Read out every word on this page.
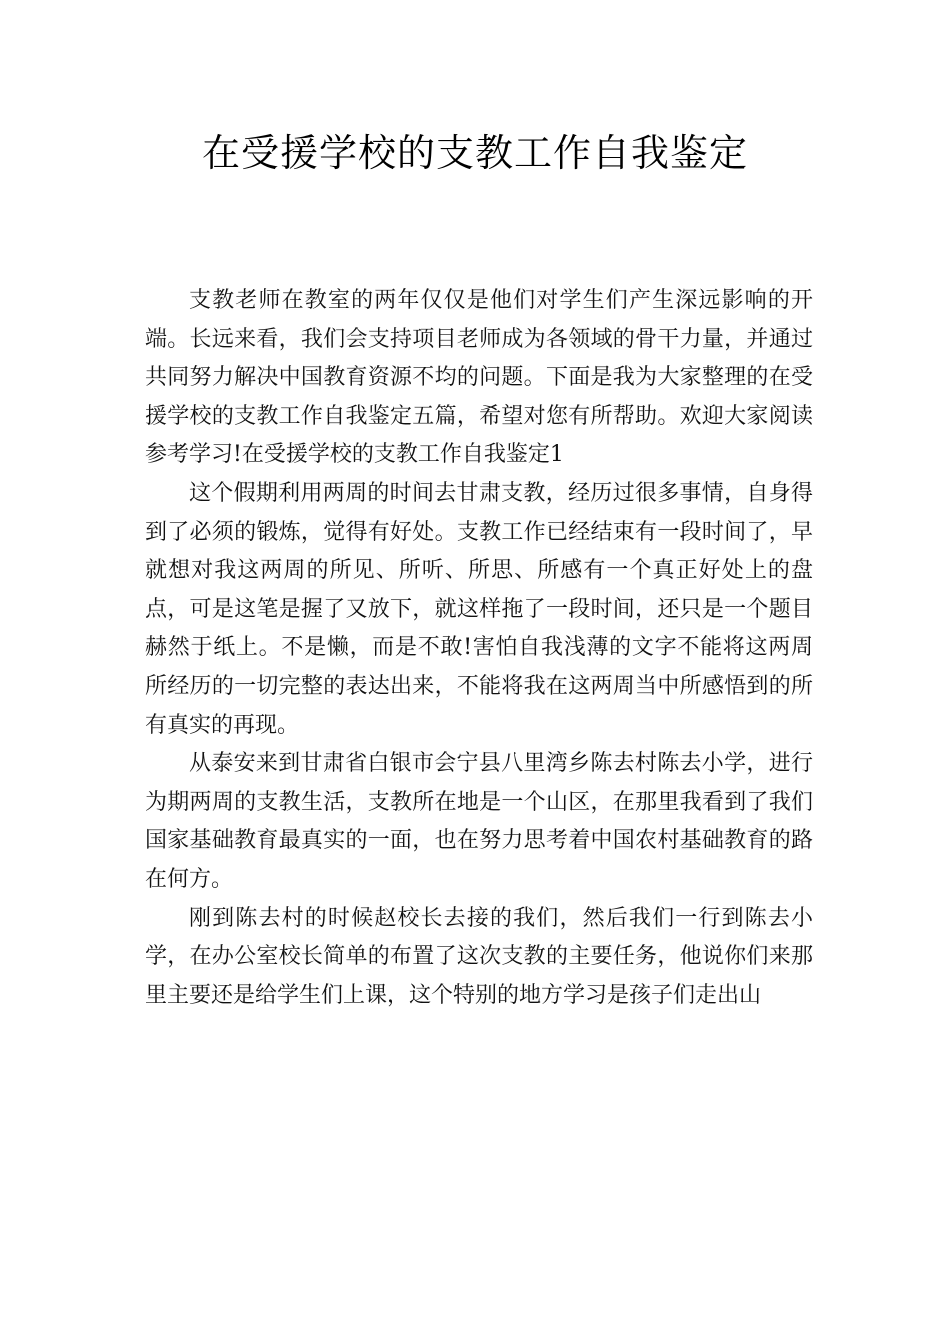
在受援学校的支教工作自我鉴定

支教老师在教室的两年仅仅是他们对学生们产生深远影响的开端。长远来看，我们会支持项目老师成为各领域的骨干力量，并通过共同努力解决中国教育资源不均的问题。下面是我为大家整理的在受援学校的支教工作自我鉴定五篇，希望对您有所帮助。欢迎大家阅读参考学习!在受援学校的支教工作自我鉴定1

这个假期利用两周的时间去甘肃支教，经历过很多事情，自身得到了必须的锻炼，觉得有好处。支教工作已经结束有一段时间了，早就想对我这两周的所见、所听、所思、所感有一个真正好处上的盘点，可是这笔是握了又放下，就这样拖了一段时间，还只是一个题目赫然于纸上。不是懒，而是不敢!害怕自我浅薄的文字不能将这两周所经历的一切完整的表达出来，不能将我在这两周当中所感悟到的所有真实的再现。

从泰安来到甘肃省白银市会宁县八里湾乡陈去村陈去小学，进行为期两周的支教生活，支教所在地是一个山区，在那里我看到了我们国家基础教育最真实的一面，也在努力思考着中国农村基础教育的路在何方。

刚到陈去村的时候赵校长去接的我们，然后我们一行到陈去小学，在办公室校长简单的布置了这次支教的主要任务，他说你们来那里主要还是给学生们上课，这个特别的地方学习是孩子们走出山
